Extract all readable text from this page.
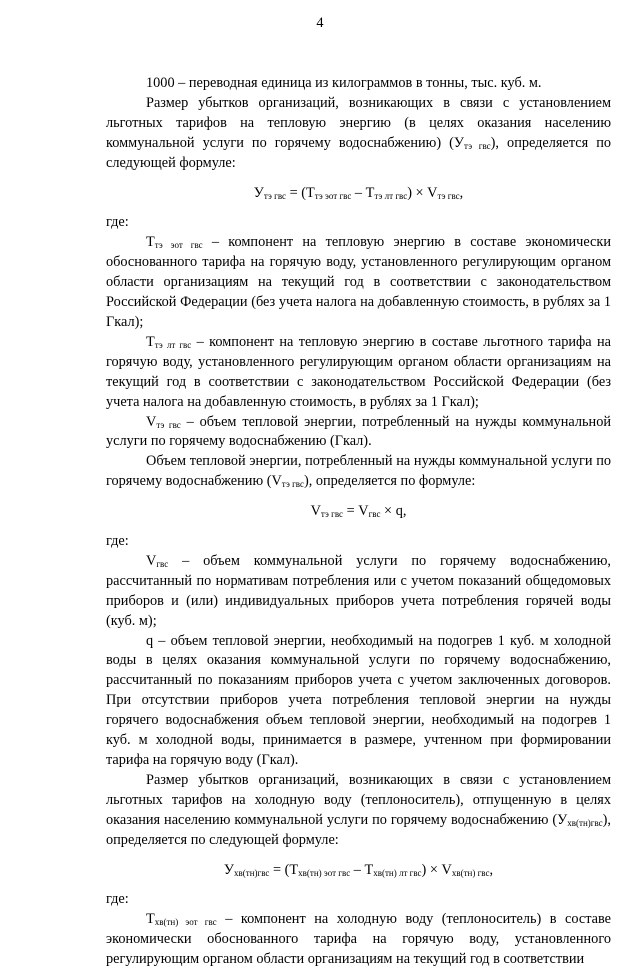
4

1000 – переводная единица из килограммов в тонны, тыс. куб. м.

Размер убытков организаций, возникающих в связи с установлением льготных тарифов на тепловую энергию (в целях оказания населению коммунальной услуги по горячему водоснабжению) $(У_{тэ гвс})$, определяется по следующей формуле:

$У_{тэ гвс} = (Т_{тэ эот гвс} - Т_{тэ лт гвс}) \times V_{тэ гвс}$,

где:

$Т_{тэ эот гвс}$ – компонент на тепловую энергию в составе экономически обоснованного тарифа на горячую воду, установленного регулирующим органом области организациям на текущий год в соответствии с законодательством Российской Федерации (без учета налога на добавленную стоимость, в рублях за 1 Гкал);

$Т_{тэ лт гвс}$ – компонент на тепловую энергию в составе льготного тарифа на горячую воду, установленного регулирующим органом области организациям на текущий год в соответствии с законодательством Российской Федерации (без учета налога на добавленную стоимость, в рублях за 1 Гкал);

$V_{тэ гвс}$ – объем тепловой энергии, потребленный на нужды коммунальной услуги по горячему водоснабжению (Гкал).

Объем тепловой энергии, потребленный на нужды коммунальной услуги по горячему водоснабжению $(V_{тэ гвс})$, определяется по формуле:

$V_{тэ гвс} = V_{гвс} \times q$,

где:

$V_{гвс}$ – объем коммунальной услуги по горячему водоснабжению, рассчитанный по нормативам потребления или с учетом показаний общедомовых приборов и (или) индивидуальных приборов учета потребления горячей воды (куб. м);

q – объем тепловой энергии, необходимый на подогрев 1 куб. м холодной воды в целях оказания коммунальной услуги по горячему водоснабжению, рассчитанный по показаниям приборов учета с учетом заключенных договоров. При отсутствии приборов учета потребления тепловой энергии на нужды горячего водоснабжения объем тепловой энергии, необходимый на подогрев 1 куб. м холодной воды, принимается в размере, учтенном при формировании тарифа на горячую воду (Гкал).

Размер убытков организаций, возникающих в связи с установлением льготных тарифов на холодную воду (теплоноситель), отпущенную в целях оказания населению коммунальной услуги по горячему водоснабжению $(У_{хв(тн)гвс})$, определяется по следующей формуле:

$У_{хв(тн)гвс} = (Т_{хв(тн) эот гвс} - Т_{хв(тн) лт гвс}) \times V_{хв(тн) гвс}$,

где:

$Т_{хв(тн) эот гвс}$ – компонент на холодную воду (теплоноситель) в составе экономически обоснованного тарифа на горячую воду, установленного регулирующим органом области организациям на текущий год в соответствии
